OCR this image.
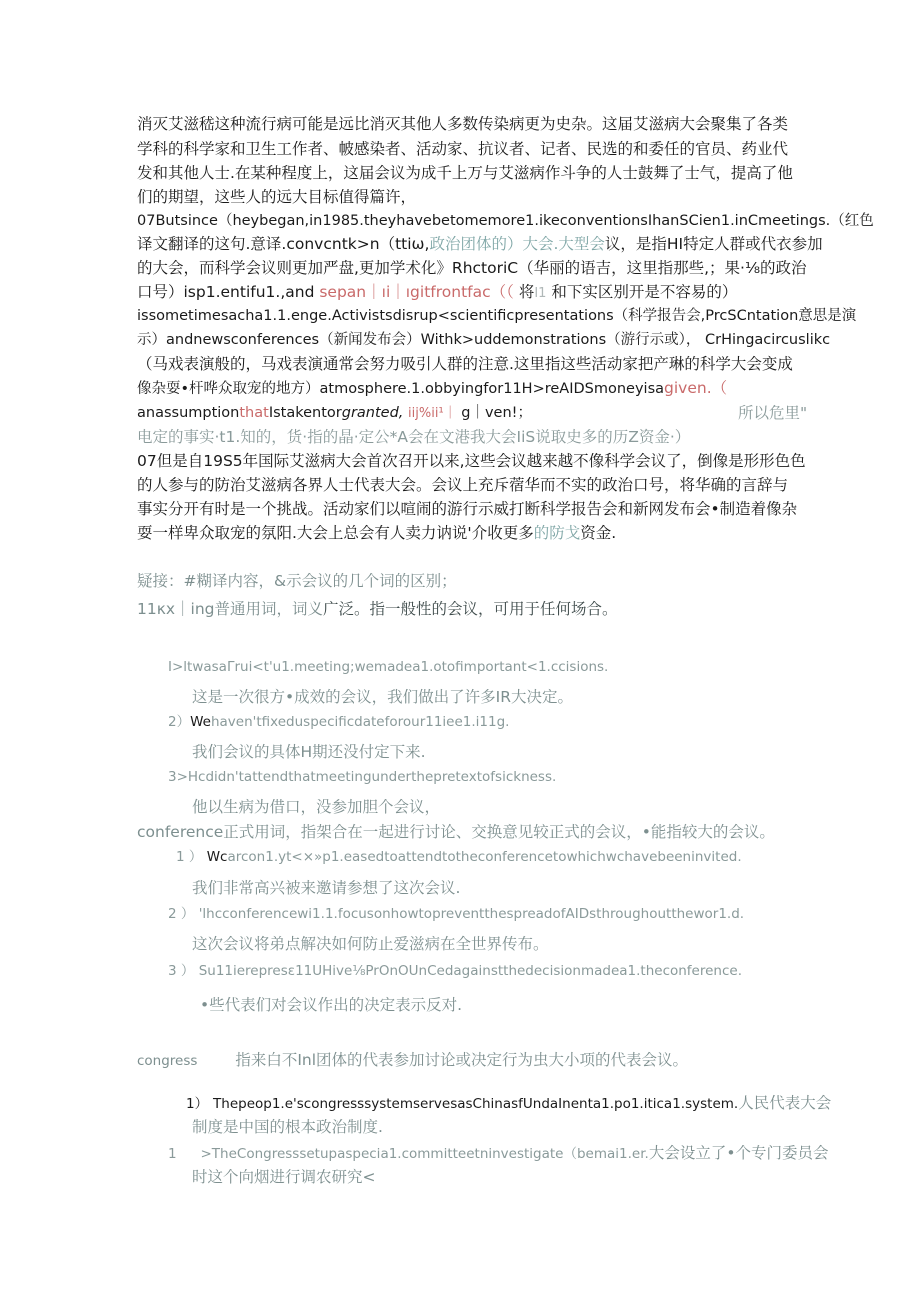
消灭艾滋嵇这种流行病可能是远比消灭其他人多数传染病更为史杂。这届艾滋病大会聚集了各类
学科的科学家和卫生工作者、帔感染者、活动家、抗议者、记者、民选的和委任的官员、药业代
发和其他人士.在某种程度上，这届会议为成千上万与艾滋病作斗争的人士鼓舞了士气，提高了他
们的期望，这些人的远大目标值得篇许，
07Butsince（heybegan,in1985.theyhavebetomemore1.ikeconventionsIhanSCien1.inCmeetings.（红色
译文翻译的这句.意译.convcntk>n（ttiω,政治团体的）大会.大型会议，是指HI特定人群或代衣参加
的大会，而科学会议则更加严盘,更加学术化》RhctoriC（华丽的语吉，这里指那些,；果·⅛的政治
口号）isp1.entifu1.,and sepan｜ıi｜ıgitfrontfac（（ 将I1 和下实区别开是不容易的）
issometimesacha1.1.enge.Activistsdisrup<scientificpresentations（科学报告会,PrcSCntation意思是演
示）andnewsconferences（新闻发布会）Withk>uddemonstrations（游行示或）， CrHingacircuslikc
（马戏表演般的，马戏表演通常会努力吸引人群的注意.这里指这些活动家把产琳的科学大会变成
像杂耍•杆哗众取宠的地方）atmosphere.1.obbyingfor11H>reAIDSmoneyisagiven.（
anassumptionthatIstakentorgranted, iij%ii¹｜ g｜ven!；	所以危里"
电定的事实·t1.知的，货·指的晶·定公*A会在文港我大会IiS说取史多的历Z资金·）
07但是自19S5年国际艾滋病大会首次召开以来,这些会议越来越不像科学会议了，倒像是形形色色
的人参与的防治艾滋病各界人士代表大会。会议上充斥蓿华而不实的政治口号，将华确的言辞与
事实分开有时是一个挑战。活动家们以喧闹的游行示威打断科学报告会和新网发布会•制造着像杂
耍一样卑众取宠的氛阳.大会上总会有人卖力讷说'介收更多的防戈资金.
疑接：#糊译内容，&示会议的几个词的区别；
11κx｜ing普通用词，词义广泛。指一般性的会议，可用于任何场合。
I>ltwasaΓrui<t'u1.meeting;wemadea1.otofimportant<1.ccisions.
这是一次很方•成效的会议，我们做出了许多IR大决定。
2）Wehaven'tfixeduspecificdateforour11iee1.i11g.
我们会议的具体H期还没付定下来.
3>Hcdidn'tattendthatmeetingunderthepretextofsickness.
他以生病为借口，没参加胆个会议，
conference正式用词，指架合在一起进行讨论、交换意见较正式的会议，•能指较大的会议。
1 ） Wcarcon1.yt<×»p1.easedtoattendtotheconferencetowhichwchavebeeninvited.
我们非常高兴被来邀请参想了这次会议.
2 ） 'lhcconferencewi1.1.focusonhowtopreventthespreadofAIDsthroughoutthewor1.d.
这次会议将弟点解决如何防止爱滋病在全世界传布。
3 ） Su11ierepresε11UHive⅛PrOnOUnCedagainstthedecisionmadea1.theconference.
•些代表们对会议作出的决定表示反对.
congress 指来白不Inl团体的代表参加讨论或决定行为虫大小项的代表会议。
1） Thepeop1.e'scongresssystemservesasChinasfUndaInenta1.po1.itica1.system.人民代表大会
制度是中国的根本政治制度.
1 >TheCongresssetupaspecia1.committeetninvestigate（bemai1.er.大会设立了•个专门委员会
时这个向烟进行调农研究<
